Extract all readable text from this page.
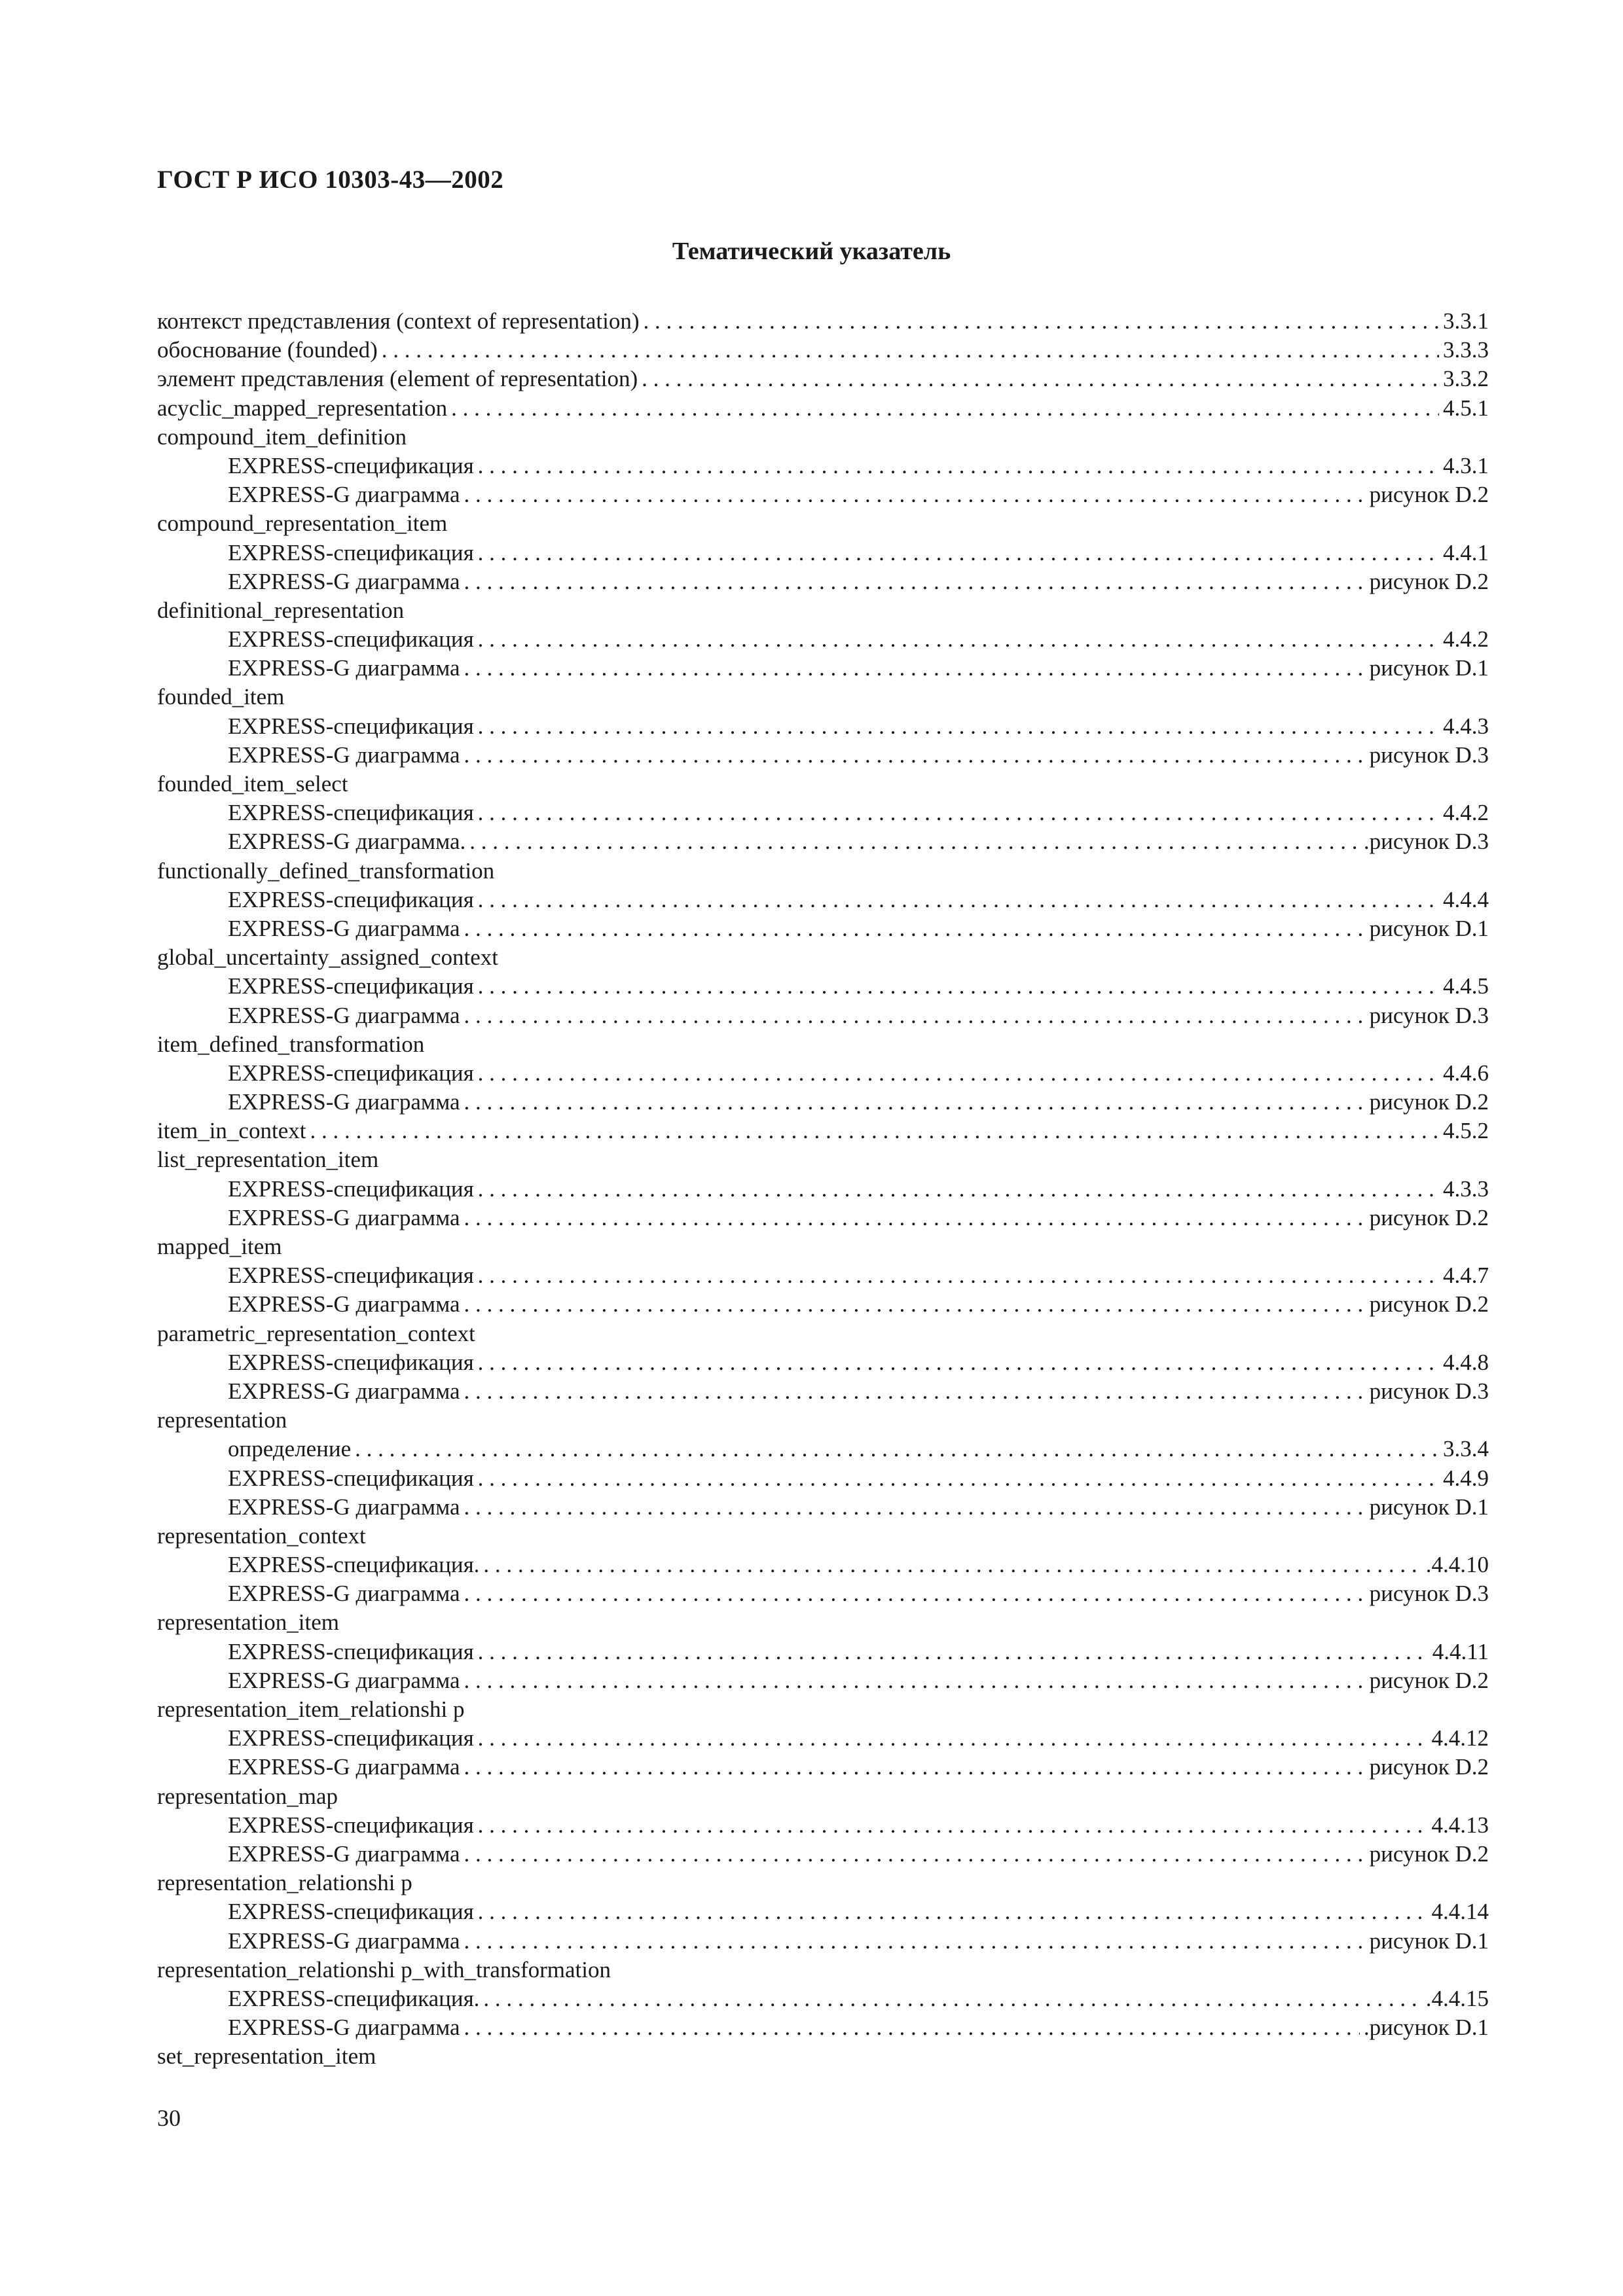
ГОСТ Р ИСО 10303-43—2002
Тематический указатель
контекст представления (context of representation) . . .	3.3.1
обоснование (founded) . . .	3.3.3
элемент представления (element of representation) . . .	3.3.2
acyclic_mapped_representation . . .	4.5.1
compound_item_definition
EXPRESS-спецификация . . .	4.3.1
EXPRESS-G диаграмма . . .	рисунок D.2
compound_representation_item
EXPRESS-спецификация . . .	4.4.1
EXPRESS-G диаграмма . . .	рисунок D.2
definitional_representation
EXPRESS-спецификация . . .	4.4.2
EXPRESS-G диаграмма . . .	рисунок D.1
founded_item
EXPRESS-спецификация . . .	4.4.3
EXPRESS-G диаграмма . . .	рисунок D.3
founded_item_select
EXPRESS-спецификация . . .	4.4.2
EXPRESS-G диаграмма. . . .	.рисунок D.3
functionally_defined_transformation
EXPRESS-спецификация . . .	4.4.4
EXPRESS-G диаграмма . . .	рисунок D.1
global_uncertainty_assigned_context
EXPRESS-спецификация . . .	4.4.5
EXPRESS-G диаграмма . . .	рисунок D.3
item_defined_transformation
EXPRESS-спецификация . . .	4.4.6
EXPRESS-G диаграмма . . .	рисунок D.2
item_in_context . . .	4.5.2
list_representation_item
EXPRESS-спецификация . . .	4.3.3
EXPRESS-G диаграмма . . .	рисунок D.2
mapped_item
EXPRESS-спецификация . . .	4.4.7
EXPRESS-G диаграмма . . .	рисунок D.2
parametric_representation_context
EXPRESS-спецификация . . .	4.4.8
EXPRESS-G диаграмма . . .	рисунок D.3
representation
определение . . .	3.3.4
EXPRESS-спецификация . . .	4.4.9
EXPRESS-G диаграмма . . .	рисунок D.1
representation_context
EXPRESS-спецификация. . . .	.4.4.10
EXPRESS-G диаграмма . . .	рисунок D.3
representation_item
EXPRESS-спецификация . . .	4.4.11
EXPRESS-G диаграмма . . .	рисунок D.2
representation_item_relationshi p
EXPRESS-спецификация . . .	4.4.12
EXPRESS-G диаграмма . . .	рисунок D.2
representation_map
EXPRESS-спецификация . . .	4.4.13
EXPRESS-G диаграмма . . .	рисунок D.2
representation_relationshi p
EXPRESS-спецификация . . .	4.4.14
EXPRESS-G диаграмма . . .	рисунок D.1
representation_relationshi p_with_transformation
EXPRESS-спецификация. . . .	.4.4.15
EXPRESS-G диаграмма . . .	.рисунок D.1
set_representation_item
30
